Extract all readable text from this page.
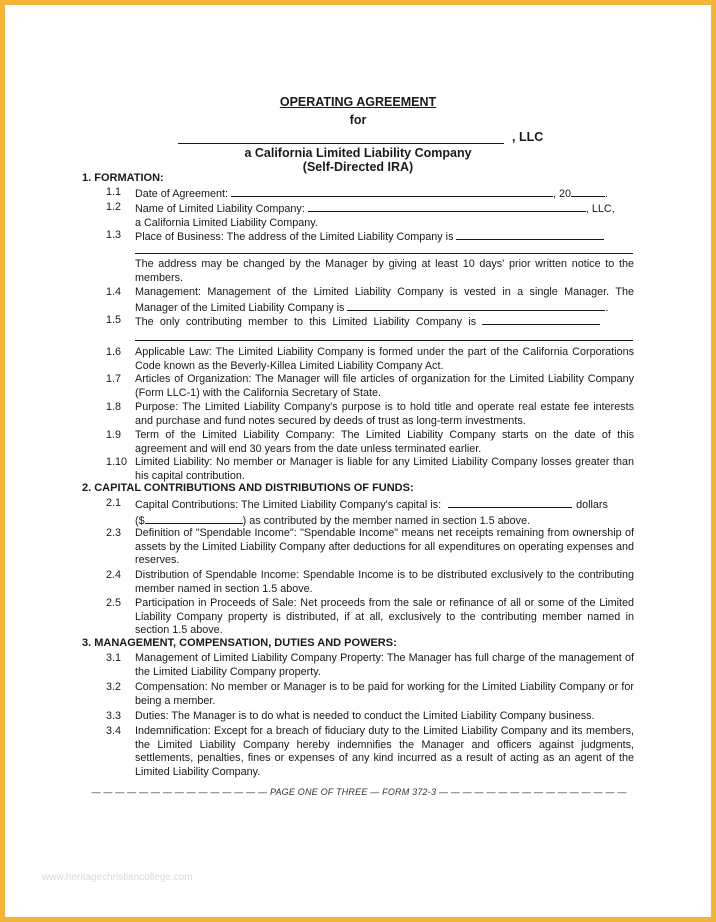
OPERATING AGREEMENT
for
, LLC
a California Limited Liability Company
(Self-Directed IRA)
1. FORMATION:
1.1	Date of Agreement:	, 20	.
1.2	Name of Limited Liability Company:	, LLC,
a California Limited Liability Company.
1.3	Place of Business: The address of the Limited Liability Company is
The address may be changed by the Manager by giving at least 10 days' prior written notice to the members.
1.4	Management: Management of the Limited Liability Company is vested in a single Manager. The Manager of the Limited Liability Company is	.
1.5	The only contributing member to this Limited Liability Company is
1.6	Applicable Law: The Limited Liability Company is formed under the part of the California Corporations Code known as the Beverly-Killea Limited Liability Company Act.
1.7	Articles of Organization: The Manager will file articles of organization for the Limited Liability Company (Form LLC-1) with the California Secretary of State.
1.8	Purpose: The Limited Liability Company's purpose is to hold title and operate real estate fee interests and purchase and fund notes secured by deeds of trust as long-term investments.
1.9	Term of the Limited Liability Company: The Limited Liability Company starts on the date of this agreement and will end 30 years from the date unless terminated earlier.
1.10 Limited Liability: No member or Manager is liable for any Limited Liability Company losses greater than his capital contribution.
2. CAPITAL CONTRIBUTIONS AND DISTRIBUTIONS OF FUNDS:
2.1	Capital Contributions: The Limited Liability Company's capital is:	dollars
($	) as contributed by the member named in section 1.5 above.
2.3	Definition of "Spendable Income": "Spendable Income" means net receipts remaining from ownership of assets by the Limited Liability Company after deductions for all expenditures on operating expenses and reserves.
2.4	Distribution of Spendable Income: Spendable Income is to be distributed exclusively to the contributing member named in section 1.5 above.
2.5	Participation in Proceeds of Sale: Net proceeds from the sale or refinance of all or some of the Limited Liability Company property is distributed, if at all, exclusively to the contributing member named in section 1.5 above.
3. MANAGEMENT, COMPENSATION, DUTIES AND POWERS:
3.1	Management of Limited Liability Company Property: The Manager has full charge of the management of the Limited Liability Company property.
3.2	Compensation: No member or Manager is to be paid for working for the Limited Liability Company or for being a member.
3.3	Duties: The Manager is to do what is needed to conduct the Limited Liability Company business.
3.4	Indemnification: Except for a breach of fiduciary duty to the Limited Liability Company and its members, the Limited Liability Company hereby indemnifies the Manager and officers against judgments, settlements, penalties, fines or expenses of any kind incurred as a result of acting as an agent of the Limited Liability Company.
— — — — — — — — — — — — — — — PAGE ONE OF THREE — FORM 372-3 — — — — — — — — — — — — — — — —
www.heritagechristiancollege.com
